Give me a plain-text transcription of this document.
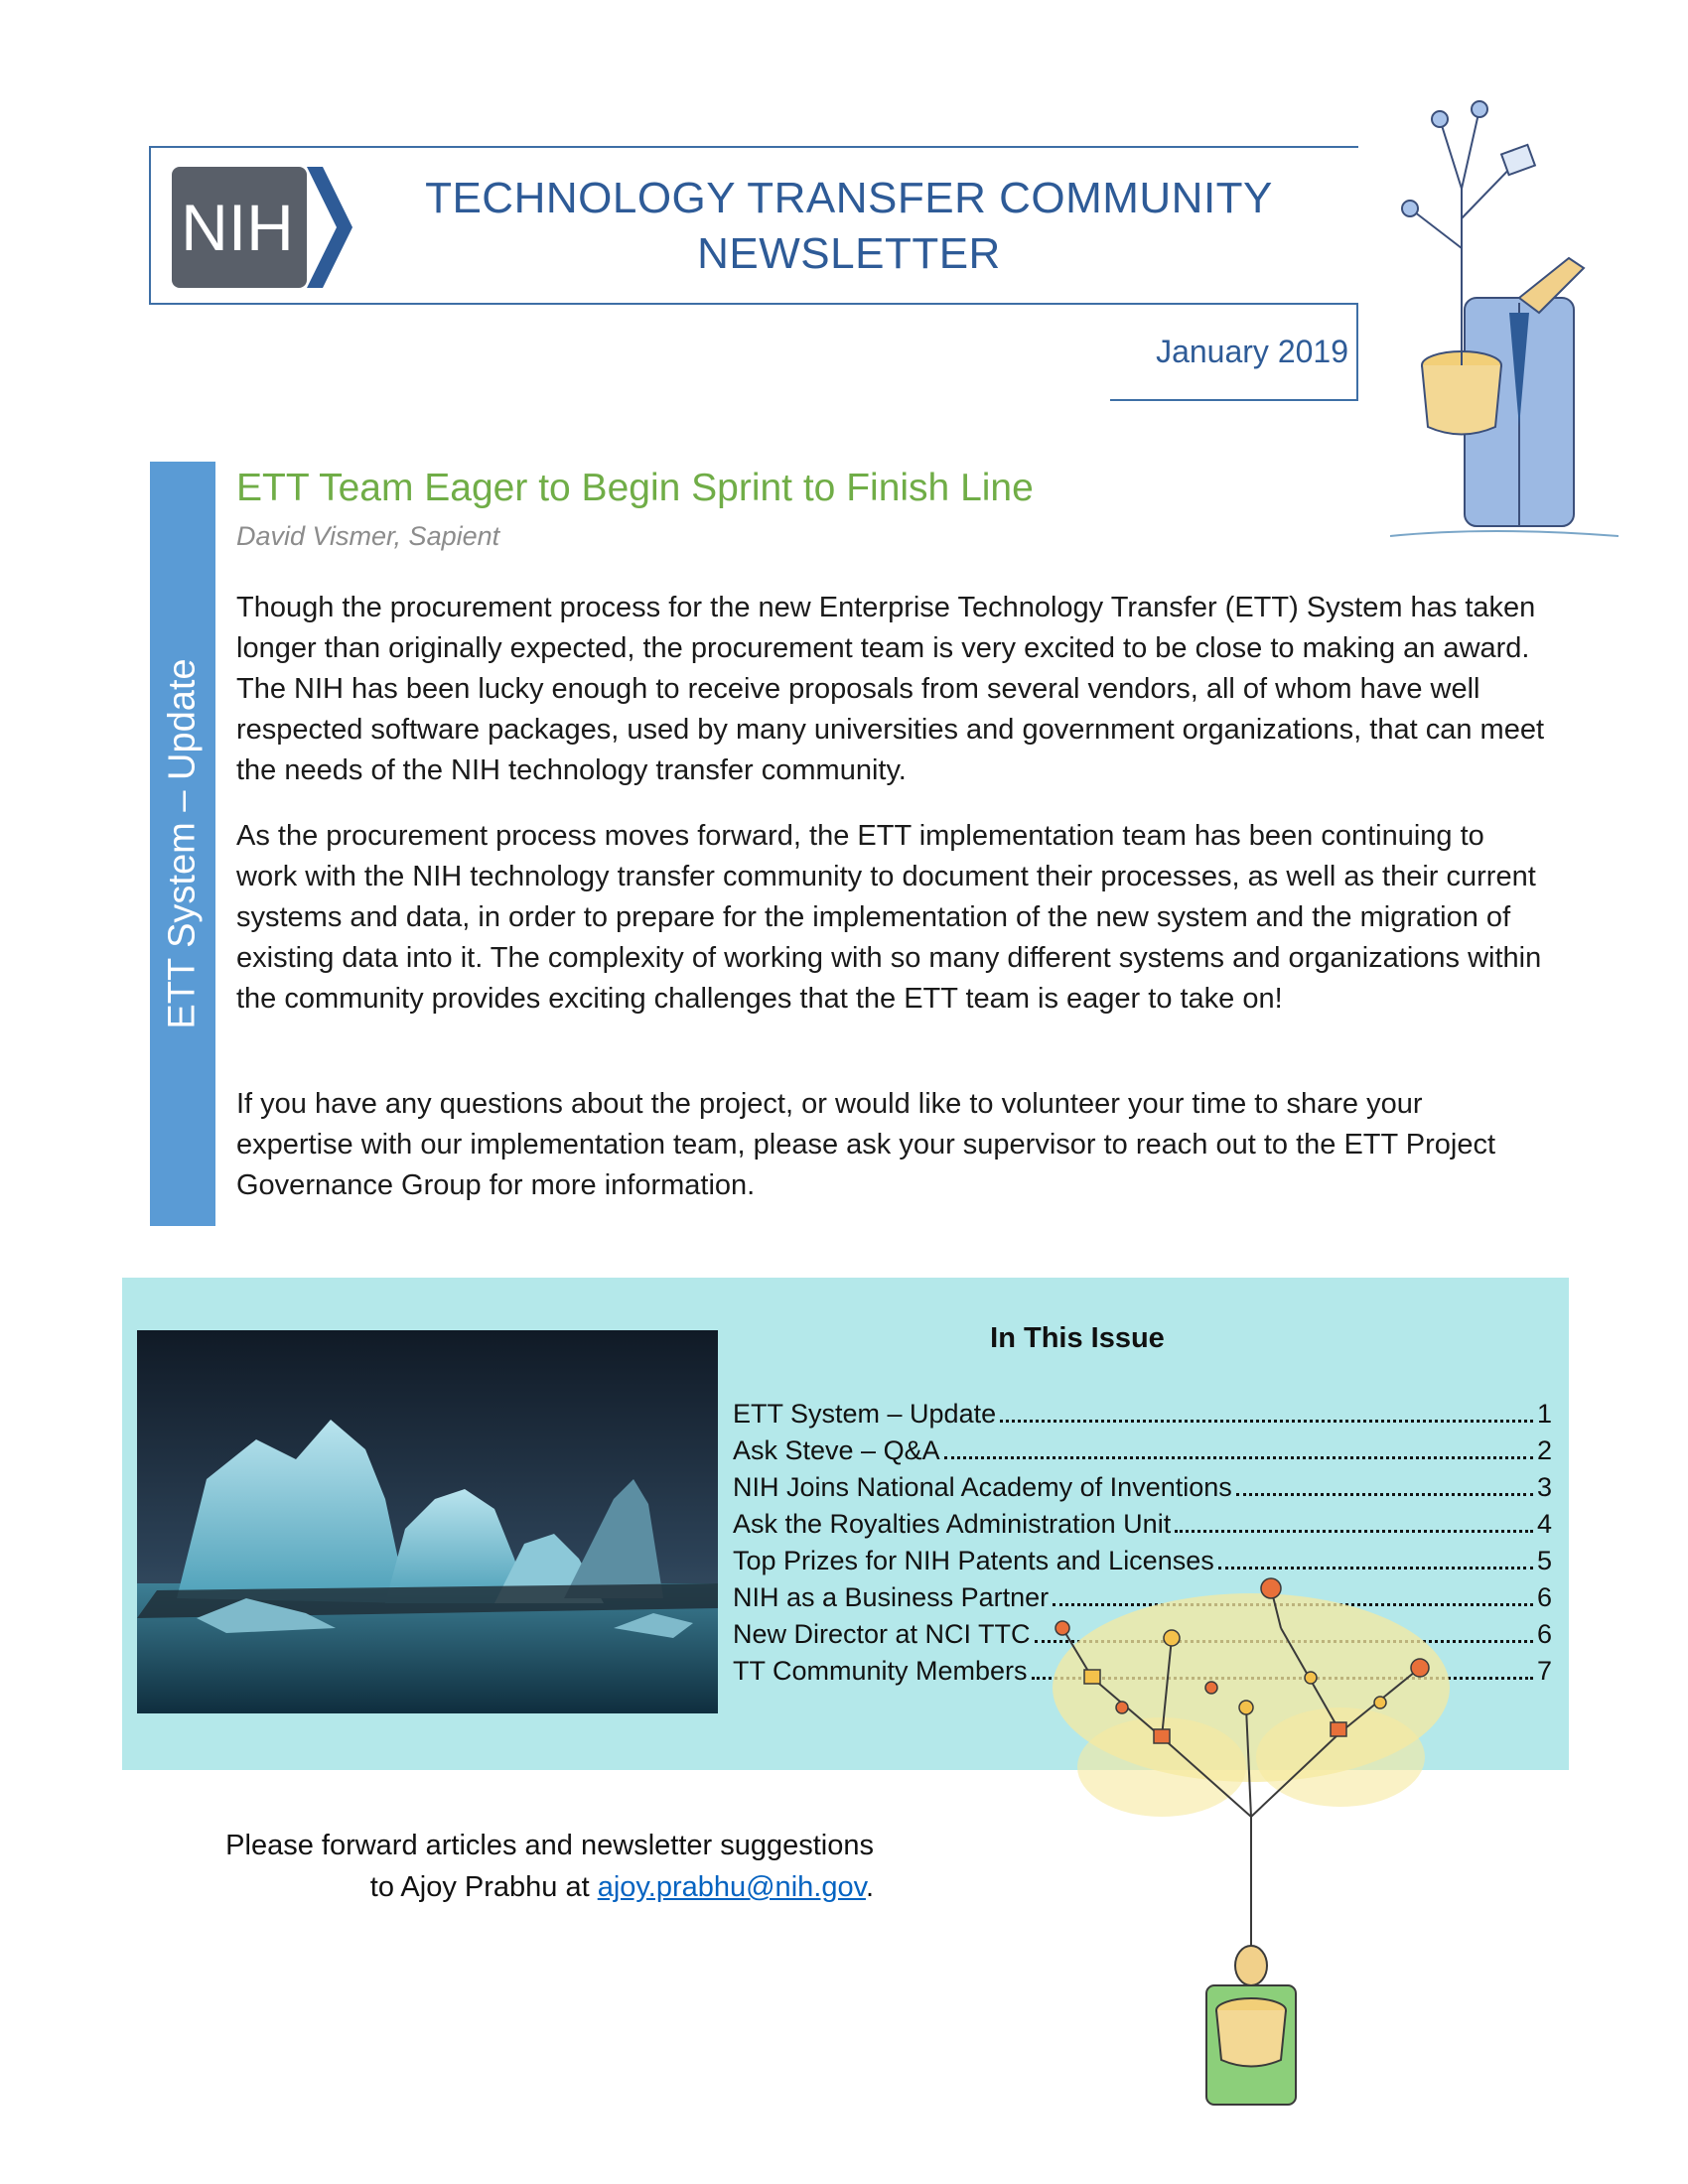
NIH	TECHNOLOGY TRANSFER COMMUNITY
NEWSLETTER
January 2019
ETT System – Update
ETT Team Eager to Begin Sprint to Finish Line
David Vismer, Sapient
Though the procurement process for the new Enterprise Technology Transfer (ETT) System has taken longer than originally expected, the procurement team is very excited to be close to making an award. The NIH has been lucky enough to receive proposals from several vendors, all of whom have well respected software packages, used by many universities and government organizations, that can meet the needs of the NIH technology transfer community.
As the procurement process moves forward, the ETT implementation team has been continuing to work with the NIH technology transfer community to document their processes, as well as their current systems and data, in order to prepare for the implementation of the new system and the migration of existing data into it. The complexity of working with so many different systems and organizations within the community provides exciting challenges that the ETT team is eager to take on!
If you have any questions about the project, or would like to volunteer your time to share your expertise with our implementation team, please ask your supervisor to reach out to the ETT Project Governance Group for more information.
In This Issue
ETT System – Update	1
Ask Steve – Q&A	2
NIH Joins National Academy of Inventions	3
Ask the Royalties Administration Unit	4
Top Prizes for NIH Patents and Licenses	5
NIH as a Business Partner	6
New Director at NCI TTC	6
TT Community Members	7
Please forward articles and newsletter suggestions
to Ajoy Prabhu at ajoy.prabhu@nih.gov.
